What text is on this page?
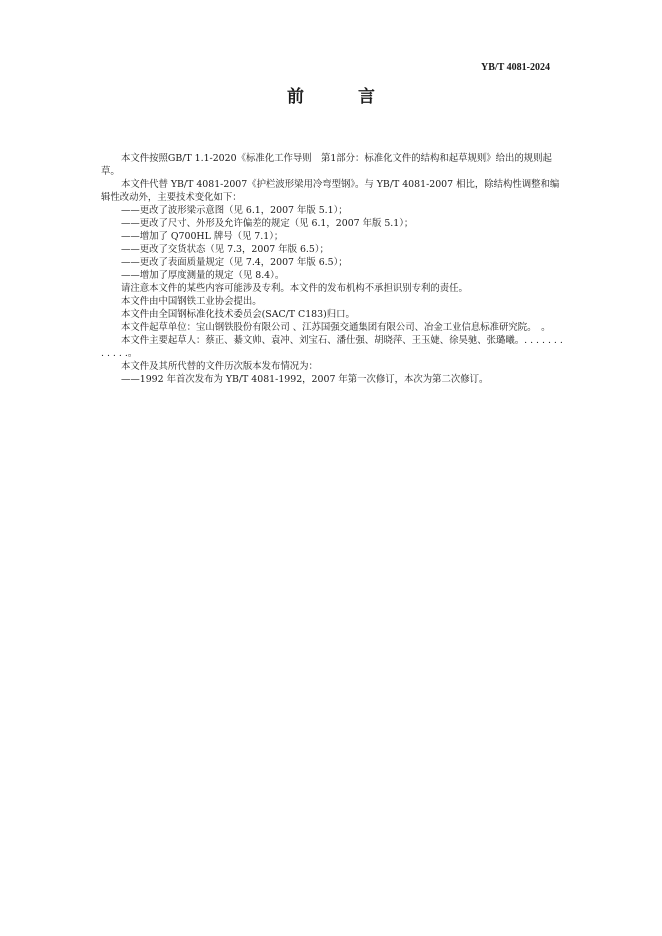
YB/T 4081-2024
前 言

本文件按照GB/T 1.1-2020《标准化工作导则　第1部分：标准化文件的结构和起草规则》给出的规则起草。

本文件代替 YB/T 4081-2007《护栏波形梁用冷弯型钢》。与 YB/T 4081-2007 相比，除结构性调整和编辑性改动外，主要技术变化如下：

——更改了波形梁示意图（见 6.1，2007 年版 5.1）；

——更改了尺寸、外形及允许偏差的规定（见 6.1，2007 年版 5.1）；

——增加了 Q700HL 牌号（见 7.1）；

——更改了交货状态（见 7.3，2007 年版 6.5）；

——更改了表面质量规定（见 7.4，2007 年版 6.5）；

——增加了厚度测量的规定（见 8.4）。

请注意本文件的某些内容可能涉及专利。本文件的发布机构不承担识别专利的责任。

本文件由中国钢铁工业协会提出。

本文件由全国钢标准化技术委员会(SAC/T C183)归口。

本文件起草单位：宝山钢铁股份有限公司 、江苏国强交通集团有限公司、冶金工业信息标准研究院。　。

本文件主要起草人：蔡正、綦文帅、袁冲、刘宝石、潘仕强、胡晓萍、王玉婕、徐昊驰、张璐曦。. . . . . . . . . . . .。

本文件及其所代替的文件历次版本发布情况为：

——1992 年首次发布为 YB/T 4081-1992，2007 年第一次修订，本次为第二次修订。
